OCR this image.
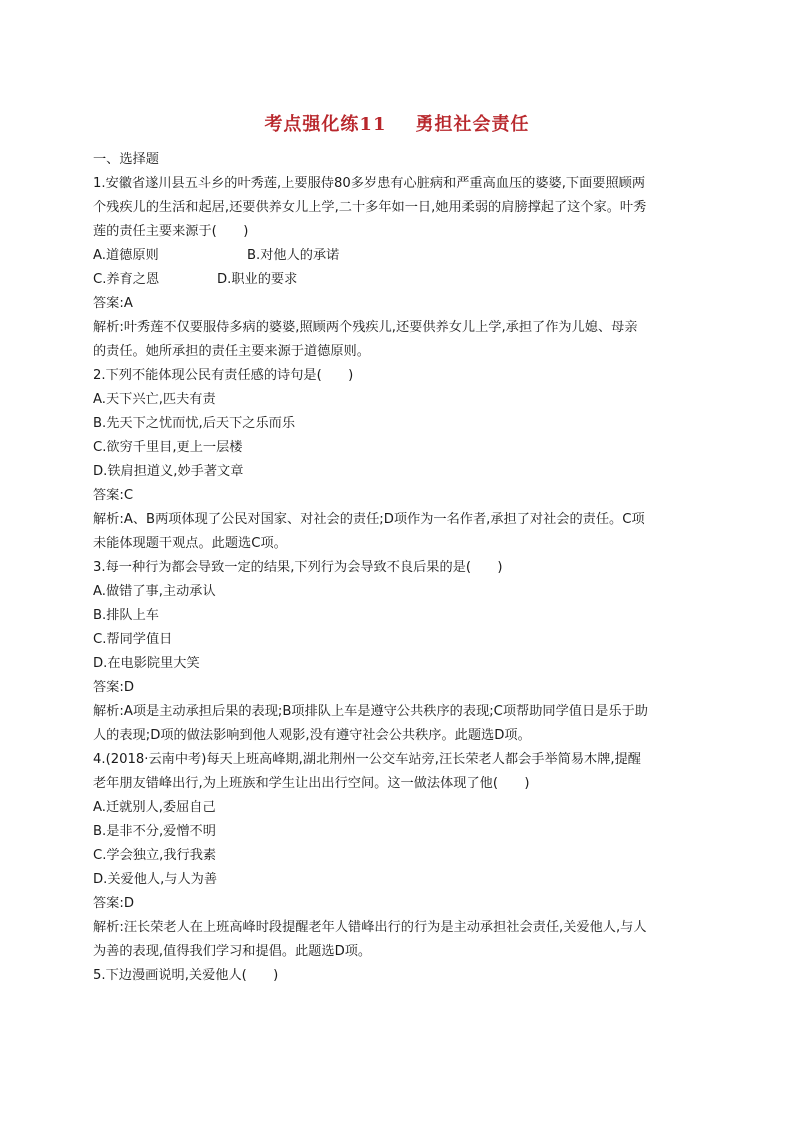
考点强化练11    勇担社会责任

一、选择题

1.安徽省遂川县五斗乡的叶秀莲,上要服侍80多岁患有心脏病和严重高血压的婆婆,下面要照顾两

个残疾儿的生活和起居,还要供养女儿上学,二十多年如一日,她用柔弱的肩膀撑起了这个家。叶秀

莲的责任主要来源于(　　)

A.道德原则	B.对他人的承诺

C.养育之恩	D.职业的要求

答案:A

解析:叶秀莲不仅要服侍多病的婆婆,照顾两个残疾儿,还要供养女儿上学,承担了作为儿媳、母亲

的责任。她所承担的责任主要来源于道德原则。

2.下列不能体现公民有责任感的诗句是(　　)

A.天下兴亡,匹夫有责

B.先天下之忧而忧,后天下之乐而乐

C.欲穷千里目,更上一层楼

D.铁肩担道义,妙手著文章

答案:C

解析:A、B两项体现了公民对国家、对社会的责任;D项作为一名作者,承担了对社会的责任。C项

未能体现题干观点。此题选C项。

3.每一种行为都会导致一定的结果,下列行为会导致不良后果的是(　　)

A.做错了事,主动承认

B.排队上车

C.帮同学值日

D.在电影院里大笑

答案:D

解析:A项是主动承担后果的表现;B项排队上车是遵守公共秩序的表现;C项帮助同学值日是乐于助

人的表现;D项的做法影响到他人观影,没有遵守社会公共秩序。此题选D项。

4.(2018·云南中考)每天上班高峰期,湖北荆州一公交车站旁,汪长荣老人都会手举简易木牌,提醒

老年朋友错峰出行,为上班族和学生让出出行空间。这一做法体现了他(　　)

A.迁就别人,委屈自己

B.是非不分,爱憎不明

C.学会独立,我行我素

D.关爱他人,与人为善

答案:D

解析:汪长荣老人在上班高峰时段提醒老年人错峰出行的行为是主动承担社会责任,关爱他人,与人

为善的表现,值得我们学习和提倡。此题选D项。

5.下边漫画说明,关爱他人(　　)
